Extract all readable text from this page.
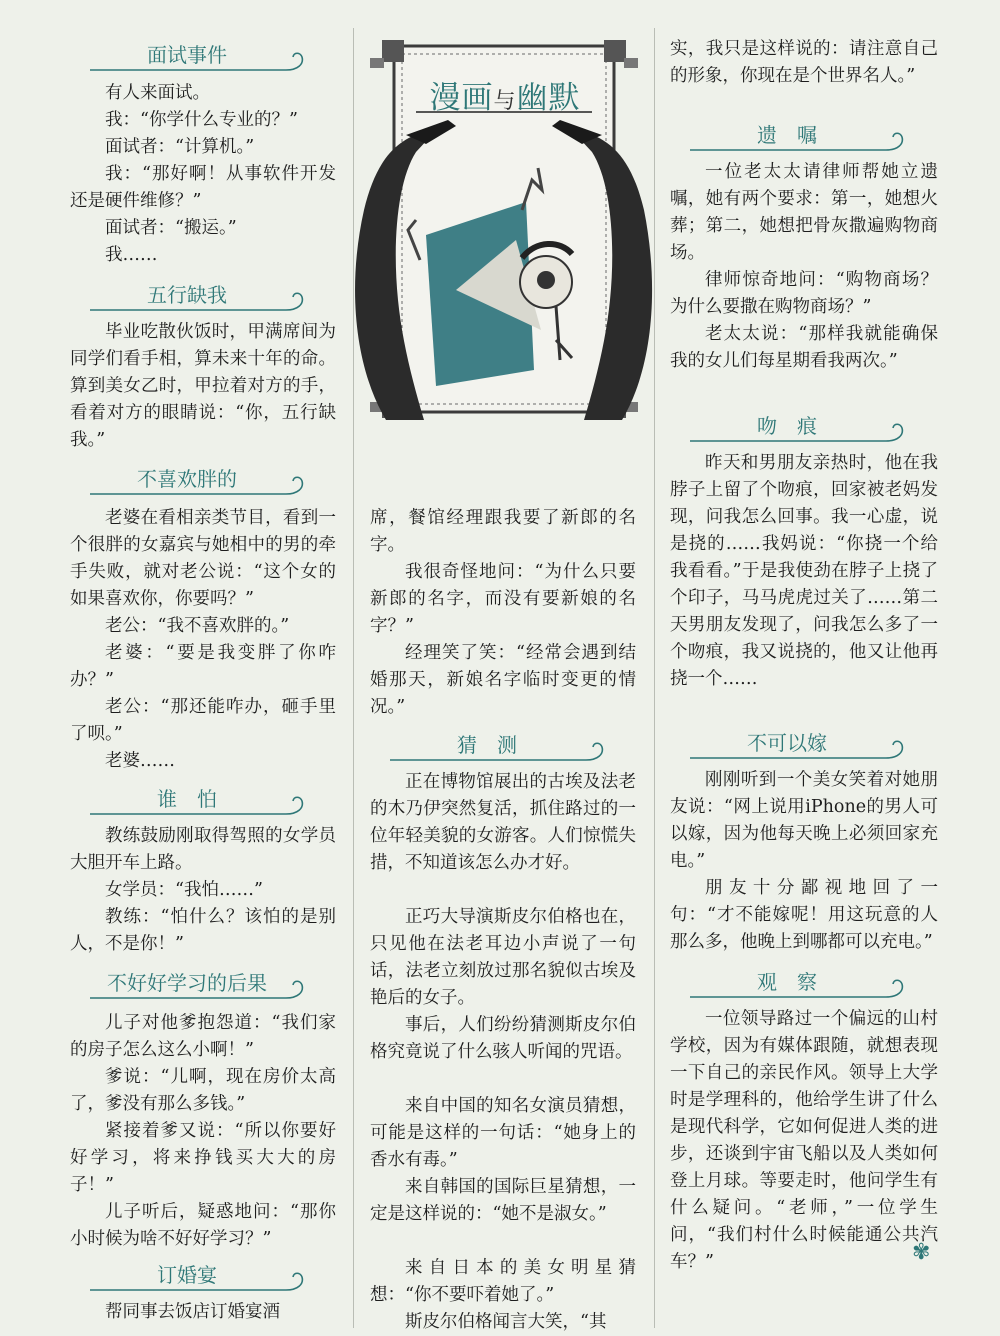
面试事件
有人来面试。
我：“你学什么专业的？”
面试者：“计算机。”
我：“那好啊！从事软件开发还是硬件维修？”
面试者：“搬运。”
我……
五行缺我
毕业吃散伙饭时，甲满席间为同学们看手相，算未来十年的命。算到美女乙时，甲拉着对方的手，看着对方的眼睛说：“你，五行缺我。”
不喜欢胖的
老婆在看相亲类节目，看到一个很胖的女嘉宾与她相中的男的牵手失败，就对老公说：“这个女的如果喜欢你，你要吗？”
老公：“我不喜欢胖的。”
老婆：“要是我变胖了你咋办？”
老公：“那还能咋办，砸手里了呗。”
老婆……
谁　怕
教练鼓励刚取得驾照的女学员大胆开车上路。
女学员：“我怕……”
教练：“怕什么？该怕的是别人，不是你！”
不好好学习的后果
儿子对他爹抱怨道：“我们家的房子怎么这么小啊！”
爹说：“儿啊，现在房价太高了，爹没有那么多钱。”
紧接着爹又说：“所以你要好好学习，将来挣钱买大大的房子！”
儿子听后，疑惑地问：“那你小时候为啥不好好学习？”
订婚宴
帮同事去饭店订婚宴酒
席，餐馆经理跟我要了新郎的名字。
我很奇怪地问：“为什么只要新郎的名字，而没有要新娘的名字？”
经理笑了笑：“经常会遇到结婚那天，新娘名字临时变更的情况。”
猜　测
正在博物馆展出的古埃及法老的木乃伊突然复活，抓住路过的一位年轻美貌的女游客。人们惊慌失措，不知道该怎么办才好。
正巧大导演斯皮尔伯格也在，只见他在法老耳边小声说了一句话，法老立刻放过那名貌似古埃及艳后的女子。
事后，人们纷纷猜测斯皮尔伯格究竟说了什么骇人听闻的咒语。
来自中国的知名女演员猜想，可能是这样的一句话：“她身上的香水有毒。”
来自韩国的国际巨星猜想，一定是这样说的：“她不是淑女。”
来自日本的美女明星猜想：“你不要吓着她了。”
斯皮尔伯格闻言大笑，“其
实，我只是这样说的：请注意自己的形象，你现在是个世界名人。”
遗　嘱
一位老太太请律师帮她立遗嘱，她有两个要求：第一，她想火葬；第二，她想把骨灰撒遍购物商场。
律师惊奇地问：“购物商场？为什么要撒在购物商场？”
老太太说：“那样我就能确保我的女儿们每星期看我两次。”
吻　痕
昨天和男朋友亲热时，他在我脖子上留了个吻痕，回家被老妈发现，问我怎么回事。我一心虚，说是挠的……我妈说：“你挠一个给我看看。”于是我使劲在脖子上挠了个印子，马马虎虎过关了……第二天男朋友发现了，问我怎么多了一个吻痕，我又说挠的，他又让他再挠一个……
不可以嫁
刚刚听到一个美女笑着对她朋友说：“网上说用iPhone的男人可以嫁，因为他每天晚上必须回家充电。”
朋友十分鄙视地回了一句：“才不能嫁呢！用这玩意的人那么多，他晚上到哪都可以充电。”
观　察
一位领导路过一个偏远的山村学校，因为有媒体跟随，就想表现一下自己的亲民作风。领导上大学时是学理科的，他给学生讲了什么是现代科学，它如何促进人类的进步，还谈到宇宙飞船以及人类如何登上月球。等要走时，他问学生有什么疑问。“老师，”一位学生问，“我们村什么时候能通公共汽车？”
漫画与幽默
✾
